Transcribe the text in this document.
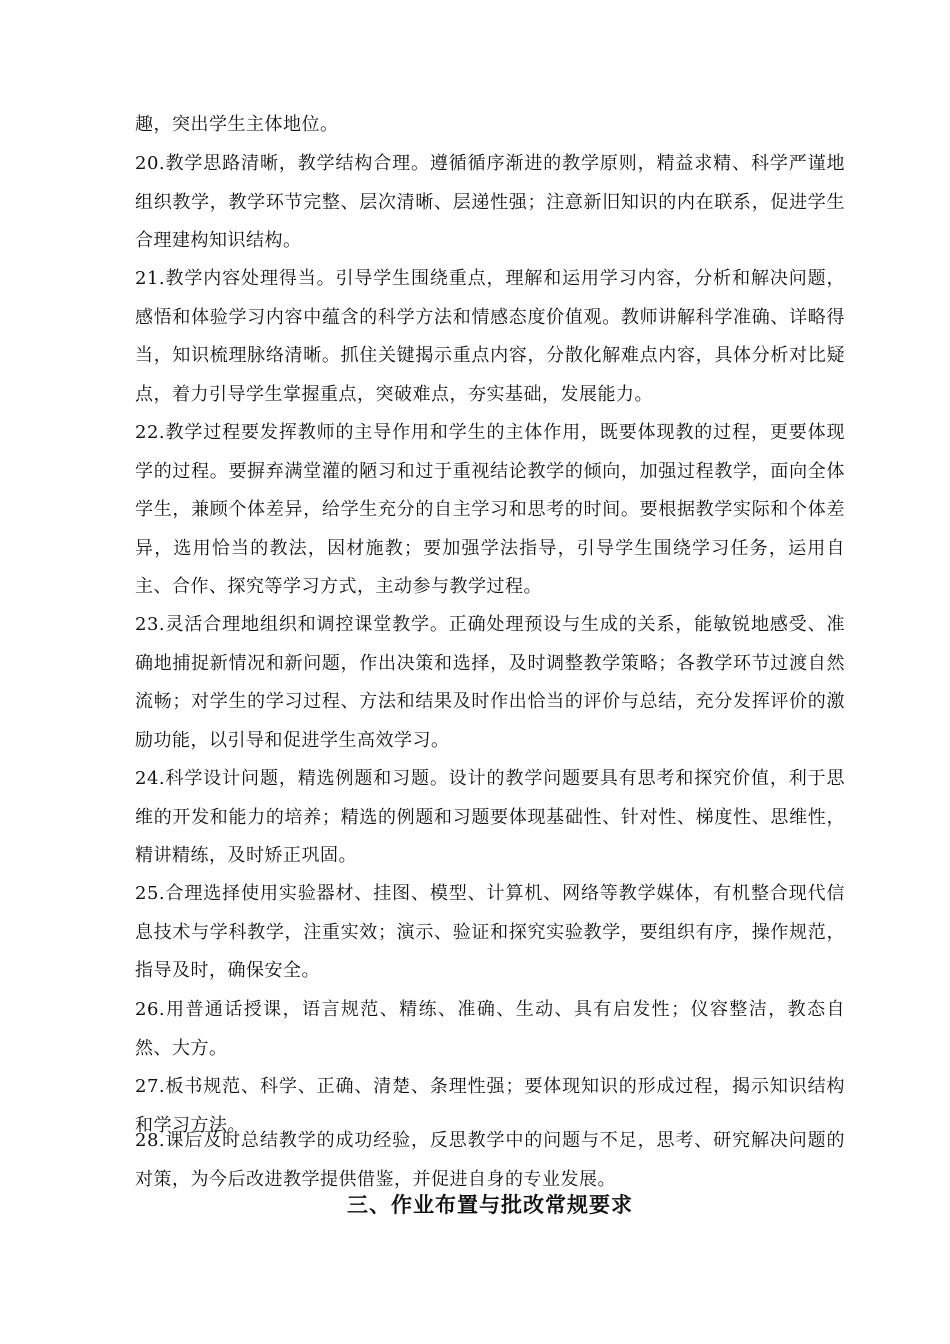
趣，突出学生主体地位。

20.教学思路清晰，教学结构合理。遵循循序渐进的教学原则，精益求精、科学严谨地组织教学，教学环节完整、层次清晰、层递性强；注意新旧知识的内在联系，促进学生合理建构知识结构。

21.教学内容处理得当。引导学生围绕重点，理解和运用学习内容，分析和解决问题，感悟和体验学习内容中蕴含的科学方法和情感态度价值观。教师讲解科学准确、详略得当，知识梳理脉络清晰。抓住关键揭示重点内容，分散化解难点内容，具体分析对比疑点，着力引导学生掌握重点，突破难点，夯实基础，发展能力。

22.教学过程要发挥教师的主导作用和学生的主体作用，既要体现教的过程，更要体现学的过程。要摒弃满堂灌的陋习和过于重视结论教学的倾向，加强过程教学，面向全体学生，兼顾个体差异，给学生充分的自主学习和思考的时间。要根据教学实际和个体差异，选用恰当的教法，因材施教；要加强学法指导，引导学生围绕学习任务，运用自主、合作、探究等学习方式，主动参与教学过程。

23.灵活合理地组织和调控课堂教学。正确处理预设与生成的关系，能敏锐地感受、准确地捕捉新情况和新问题，作出决策和选择，及时调整教学策略；各教学环节过渡自然流畅；对学生的学习过程、方法和结果及时作出恰当的评价与总结，充分发挥评价的激励功能，以引导和促进学生高效学习。

24.科学设计问题，精选例题和习题。设计的教学问题要具有思考和探究价值，利于思维的开发和能力的培养；精选的例题和习题要体现基础性、针对性、梯度性、思维性，精讲精练，及时矫正巩固。

25.合理选择使用实验器材、挂图、模型、计算机、网络等教学媒体，有机整合现代信息技术与学科教学，注重实效；演示、验证和探究实验教学，要组织有序，操作规范，指导及时，确保安全。

26.用普通话授课，语言规范、精练、准确、生动、具有启发性；仪容整洁，教态自然、大方。

27.板书规范、科学、正确、清楚、条理性强；要体现知识的形成过程，揭示知识结构和学习方法。

28.课后及时总结教学的成功经验，反思教学中的问题与不足，思考、研究解决问题的对策，为今后改进教学提供借鉴，并促进自身的专业发展。

三、作业布置与批改常规要求
